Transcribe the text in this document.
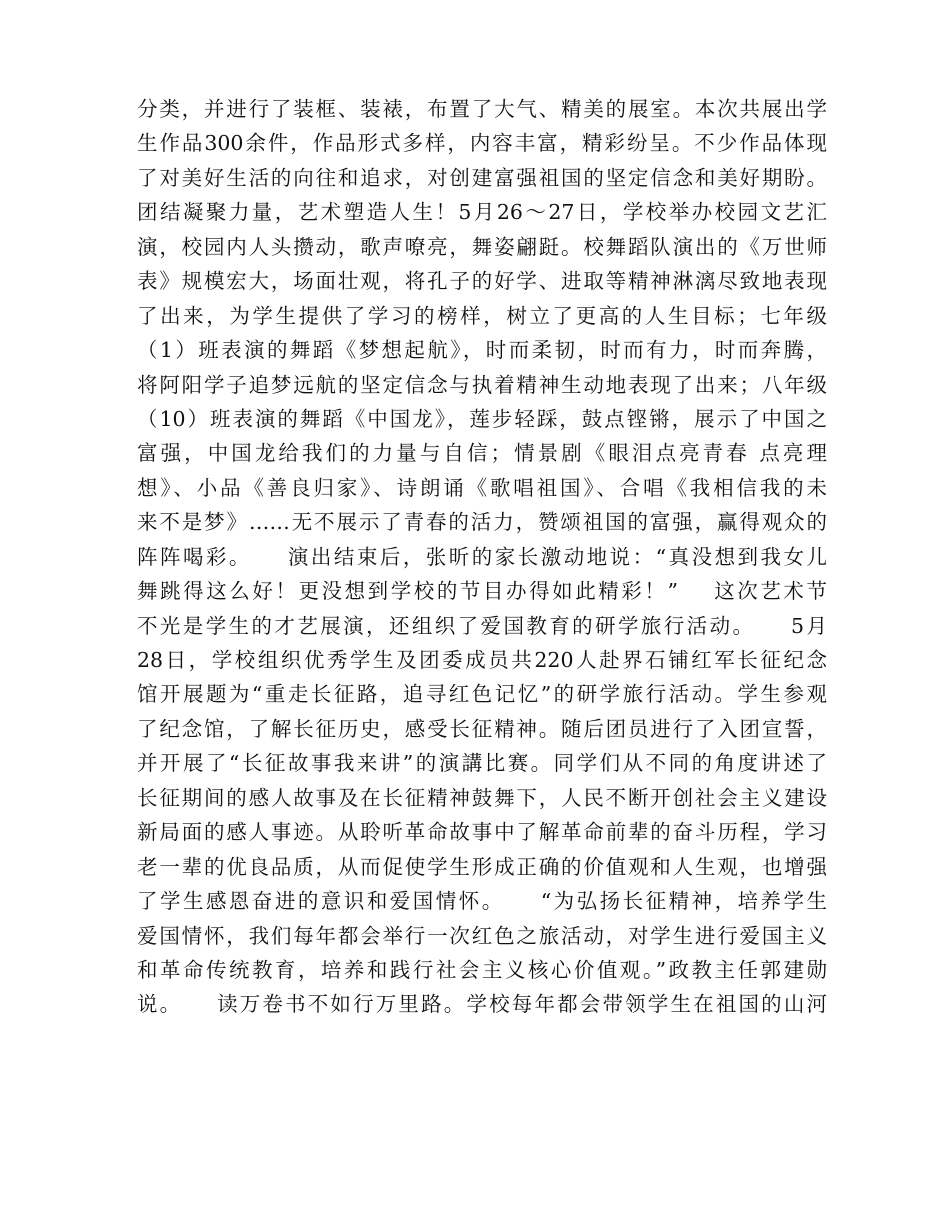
分类，并进行了装框、装裱，布置了大气、精美的展室。本次共展出学
生作品300余件，作品形式多样，内容丰富，精彩纷呈。不少作品体现
了对美好生活的向往和追求，对创建富强祖国的坚定信念和美好期盼。
团结凝聚力量，艺术塑造人生！5月26～27日，学校举办校园文艺汇
演，校园内人头攒动，歌声嘹亮，舞姿翩跹。校舞蹈队演出的《万世师
表》规模宏大，场面壮观，将孔子的好学、进取等精神淋漓尽致地表现
了出来，为学生提供了学习的榜样，树立了更高的人生目标；七年级
（1）班表演的舞蹈《梦想起航》，时而柔韧，时而有力，时而奔腾，
将阿阳学子追梦远航的坚定信念与执着精神生动地表现了出来；八年级
（10）班表演的舞蹈《中国龙》，莲步轻踩，鼓点铿锵，展示了中国之
富强，中国龙给我们的力量与自信；情景剧《眼泪点亮青春 点亮理
想》、小品《善良归家》、诗朗诵《歌唱祖国》、合唱《我相信我的未
来不是梦》……无不展示了青春的活力，赞颂祖国的富强，赢得观众的
阵阵喝彩。    演出结束后，张昕的家长激动地说：“真没想到我女儿
舞跳得这么好！更没想到学校的节目办得如此精彩！”    这次艺术节
不光是学生的才艺展演，还组织了爱国教育的研学旅行活动。    5月
28日，学校组织优秀学生及团委成员共220人赴界石铺红军长征纪念
馆开展题为“重走长征路，追寻红色记忆”的研学旅行活动。学生参观
了纪念馆，了解长征历史，感受长征精神。随后团员进行了入团宣誓，
并开展了“长征故事我来讲”的演講比赛。同学们从不同的角度讲述了
长征期间的感人故事及在长征精神鼓舞下，人民不断开创社会主义建设
新局面的感人事迹。从聆听革命故事中了解革命前辈的奋斗历程，学习
老一辈的优良品质，从而促使学生形成正确的价值观和人生观，也增强
了学生感恩奋进的意识和爱国情怀。    “为弘扬长征精神，培养学生
爱国情怀，我们每年都会举行一次红色之旅活动，对学生进行爱国主义
和革命传统教育，培养和践行社会主义核心价值观。”政教主任郭建勋
说。    读万卷书不如行万里路。学校每年都会带领学生在祖国的山河
